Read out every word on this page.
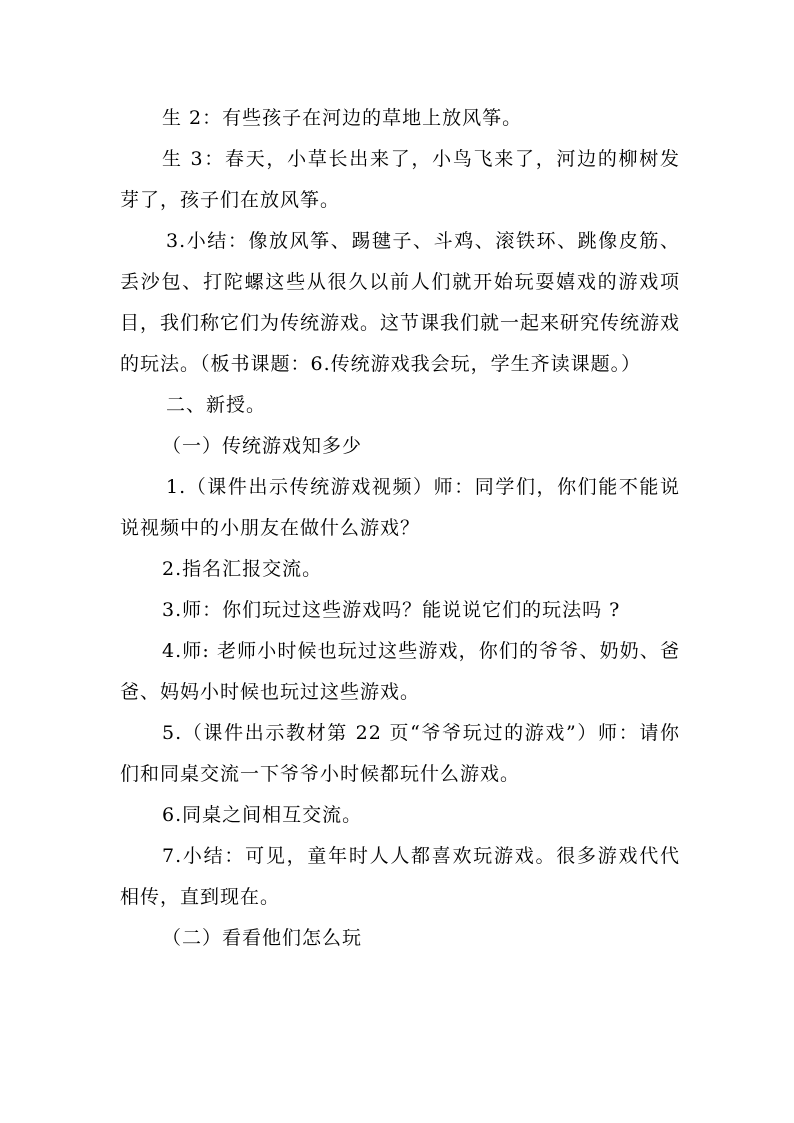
生 2：有些孩子在河边的草地上放风筝。

生 3：春天，小草长出来了，小鸟飞来了，河边的柳树发芽了，孩子们在放风筝。

3.小结：像放风筝、踢毽子、斗鸡、滚铁环、跳像皮筋、丢沙包、打陀螺这些从很久以前人们就开始玩耍嬉戏的游戏项目，我们称它们为传统游戏。这节课我们就一起来研究传统游戏的玩法。（板书课题：6.传统游戏我会玩，学生齐读课题。）

二、新授。

（一）传统游戏知多少

1.（课件出示传统游戏视频）师：同学们，你们能不能说说视频中的小朋友在做什么游戏？

2.指名汇报交流。

3.师：你们玩过这些游戏吗？能说说它们的玩法吗 ?

4.师: 老师小时候也玩过这些游戏，你们的爷爷、奶奶、爸爸、妈妈小时候也玩过这些游戏。

5.（课件出示教材第 22 页“爷爷玩过的游戏”）师：请你们和同桌交流一下爷爷小时候都玩什么游戏。

6.同桌之间相互交流。

7.小结：可见，童年时人人都喜欢玩游戏。很多游戏代代相传，直到现在。

（二）看看他们怎么玩
